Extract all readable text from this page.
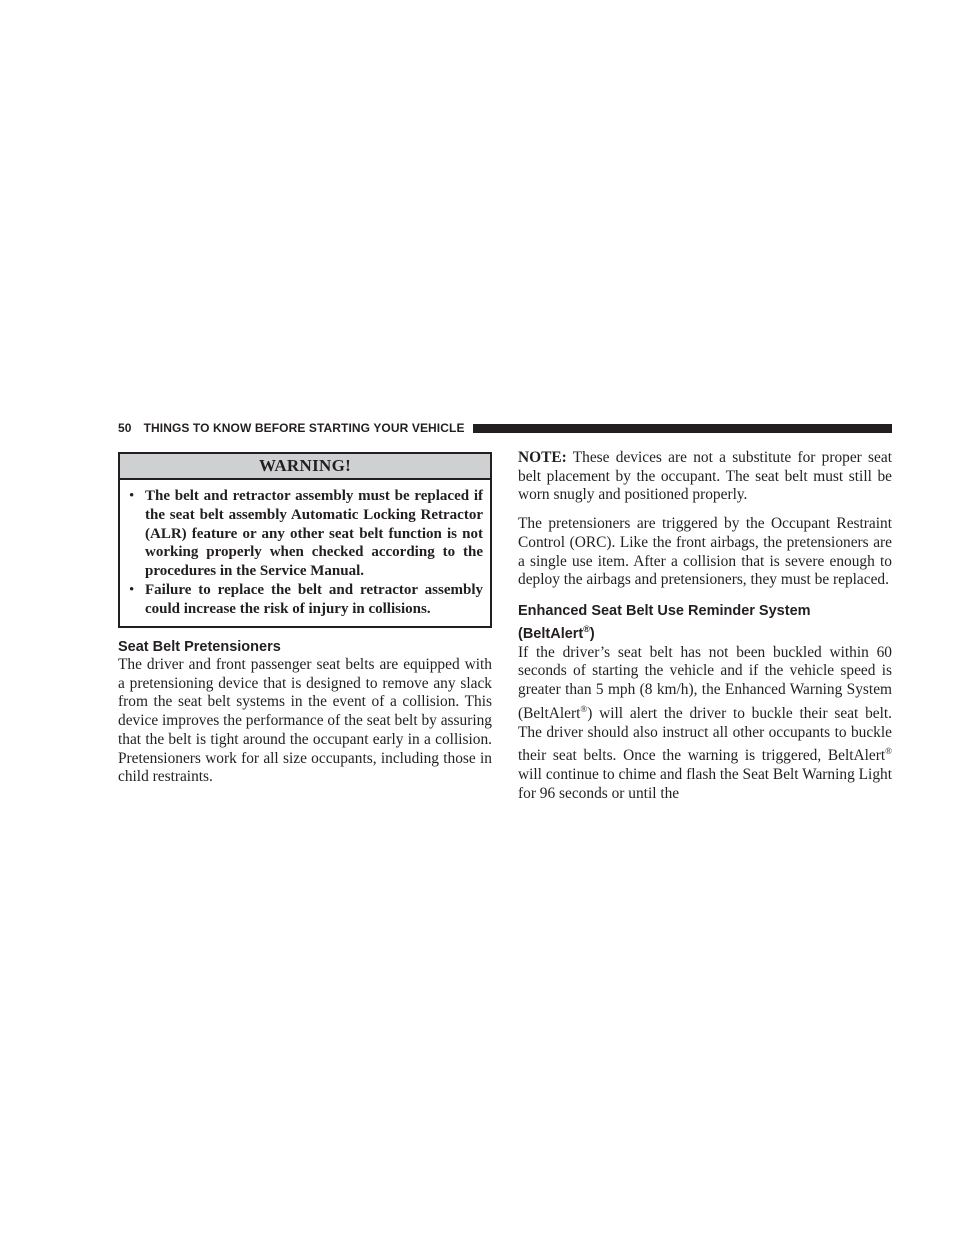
50 THINGS TO KNOW BEFORE STARTING YOUR VEHICLE
WARNING!
• The belt and retractor assembly must be replaced if the seat belt assembly Automatic Locking Retractor (ALR) feature or any other seat belt function is not working properly when checked according to the procedures in the Service Manual.
• Failure to replace the belt and retractor assembly could increase the risk of injury in collisions.
Seat Belt Pretensioners

The driver and front passenger seat belts are equipped with a pretensioning device that is designed to remove any slack from the seat belt systems in the event of a collision. This device improves the performance of the seat belt by assuring that the belt is tight around the occupant early in a collision. Pretensioners work for all size occupants, including those in child restraints.

NOTE: These devices are not a substitute for proper seat belt placement by the occupant. The seat belt must still be worn snugly and positioned properly.

The pretensioners are triggered by the Occupant Restraint Control (ORC). Like the front airbags, the pretensioners are a single use item. After a collision that is severe enough to deploy the airbags and pretensioners, they must be replaced.

Enhanced Seat Belt Use Reminder System
(BeltAlert®)

If the driver’s seat belt has not been buckled within 60 seconds of starting the vehicle and if the vehicle speed is greater than 5 mph (8 km/h), the Enhanced Warning System (BeltAlert®) will alert the driver to buckle their seat belt. The driver should also instruct all other occupants to buckle their seat belts. Once the warning is triggered, BeltAlert® will continue to chime and flash the Seat Belt Warning Light for 96 seconds or until the
